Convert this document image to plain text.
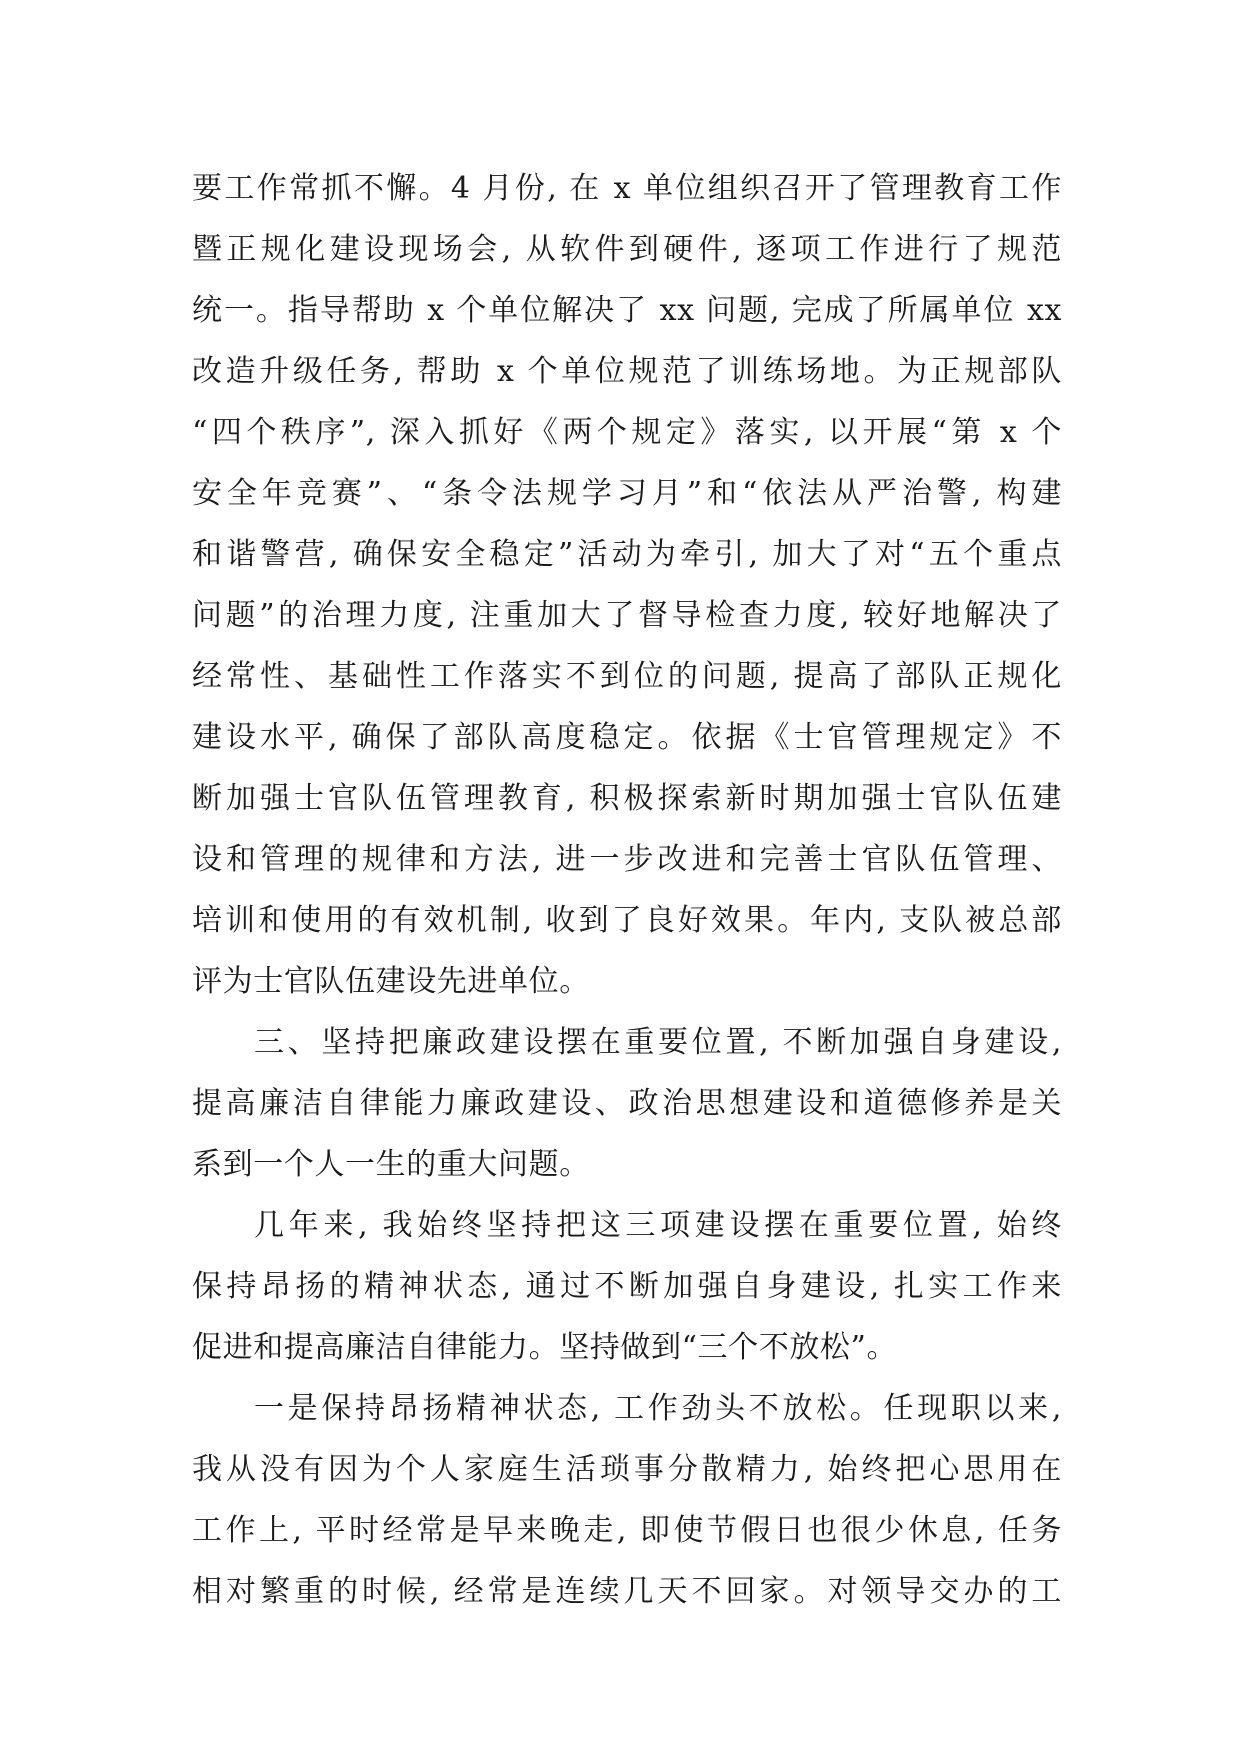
要工作常抓不懈。4 月份, 在 x 单位组织召开了管理教育工作
暨正规化建设现场会, 从软件到硬件, 逐项工作进行了规范
统一。指导帮助 x 个单位解决了 xx 问题, 完成了所属单位 xx
改造升级任务, 帮助 x 个单位规范了训练场地。为正规部队
“四个秩序”, 深入抓好《两个规定》落实, 以开展“第 x 个
安全年竞赛”、“条令法规学习月”和“依法从严治警, 构建
和谐警营, 确保安全稳定”活动为牵引, 加大了对“五个重点
问题”的治理力度, 注重加大了督导检查力度, 较好地解决了
经常性、基础性工作落实不到位的问题, 提高了部队正规化
建设水平, 确保了部队高度稳定。依据《士官管理规定》不
断加强士官队伍管理教育, 积极探索新时期加强士官队伍建
设和管理的规律和方法, 进一步改进和完善士官队伍管理、
培训和使用的有效机制, 收到了良好效果。年内, 支队被总部
评为士官队伍建设先进单位。
三、坚持把廉政建设摆在重要位置, 不断加强自身建设,
提高廉洁自律能力廉政建设、政治思想建设和道德修养是关
系到一个人一生的重大问题。
几年来, 我始终坚持把这三项建设摆在重要位置, 始终
保持昂扬的精神状态, 通过不断加强自身建设, 扎实工作来
促进和提高廉洁自律能力。坚持做到“三个不放松”。
一是保持昂扬精神状态, 工作劲头不放松。任现职以来,
我从没有因为个人家庭生活琐事分散精力, 始终把心思用在
工作上, 平时经常是早来晚走, 即使节假日也很少休息, 任务
相对繁重的时候, 经常是连续几天不回家。对领导交办的工
